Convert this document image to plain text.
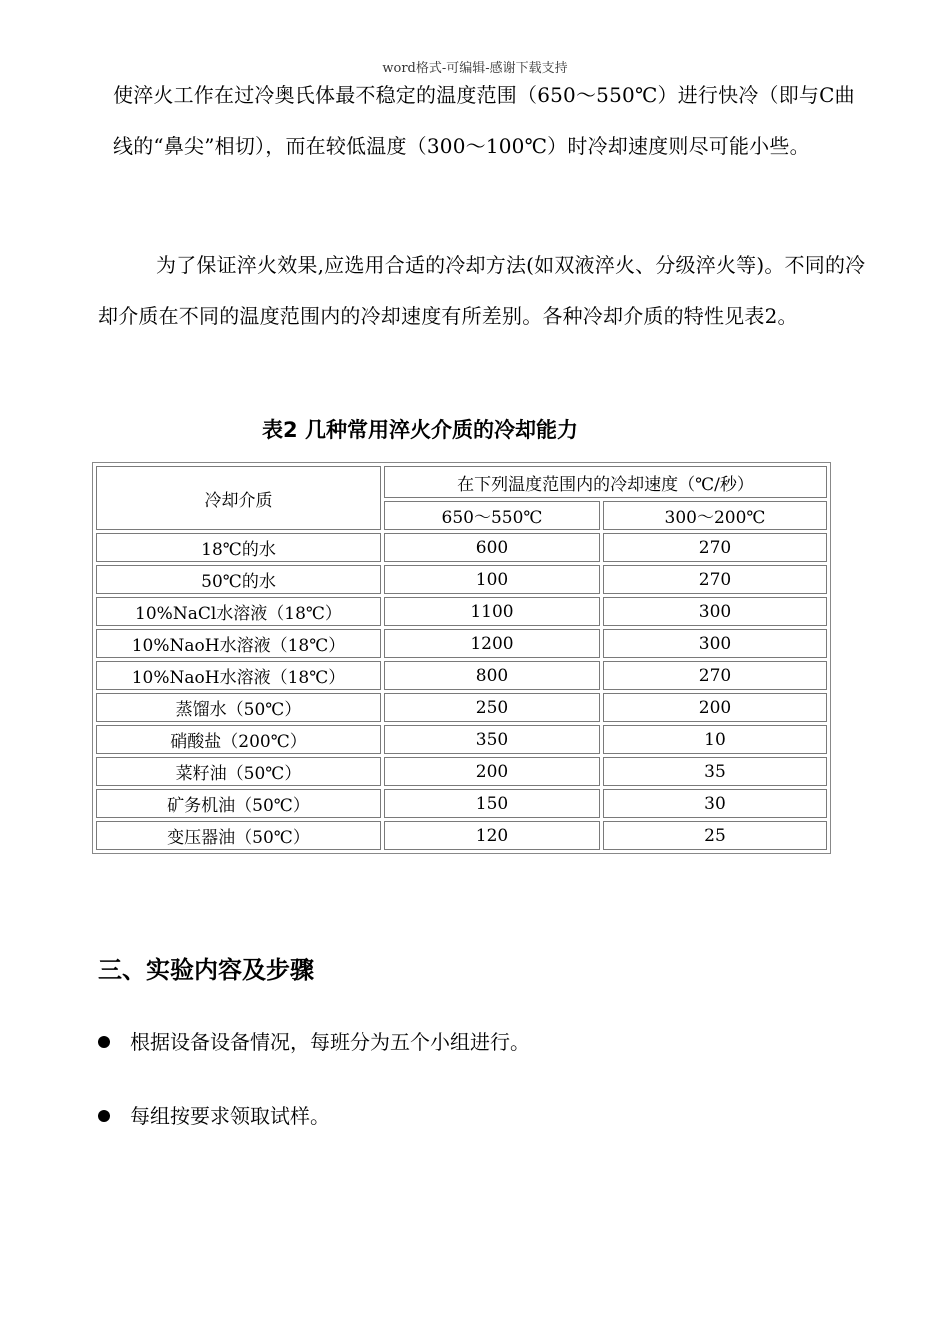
word格式-可编辑-感谢下载支持
使淬火工作在过冷奥氏体最不稳定的温度范围（650～550℃）进行快冷（即与C曲线的“鼻尖”相切），而在较低温度（300～100℃）时冷却速度则尽可能小些。
为了保证淬火效果,应选用合适的冷却方法(如双液淬火、分级淬火等)。不同的冷却介质在不同的温度范围内的冷却速度有所差别。各种冷却介质的特性见表2。
表2 几种常用淬火介质的冷却能力
冷却介质	在下列温度范围内的冷却速度（℃/秒）	
	650～550℃	300～200℃
18℃的水	600	270
50℃的水	100	270
10%NaCl水溶液（18℃）	1100	300
10%NaoH水溶液（18℃）	1200	300
10%NaoH水溶液（18℃）	800	270
蒸馏水（50℃）	250	200
硝酸盐（200℃）	350	10
菜籽油（50℃）	200	35
矿务机油（50℃）	150	30
变压器油（50℃）	120	25
三、实验内容及步骤
根据设备设备情况，每班分为五个小组进行。
每组按要求领取试样。
